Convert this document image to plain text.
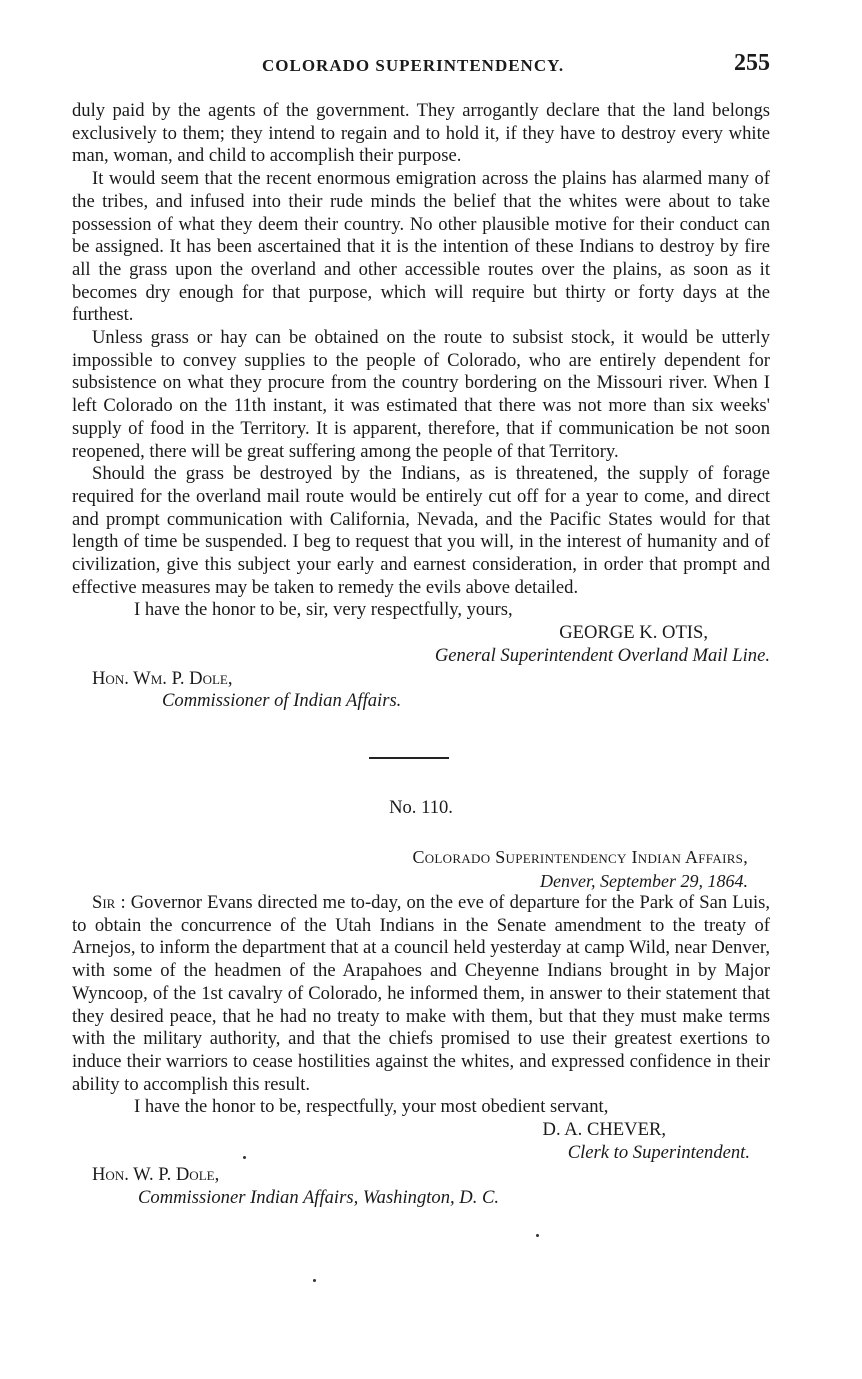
COLORADO SUPERINTENDENCY.	255

duly paid by the agents of the government. They arrogantly declare that the land belongs exclusively to them; they intend to regain and to hold it, if they have to destroy every white man, woman, and child to accomplish their purpose.

It would seem that the recent enormous emigration across the plains has alarmed many of the tribes, and infused into their rude minds the belief that the whites were about to take possession of what they deem their country. No other plausible motive for their conduct can be assigned. It has been ascertained that it is the intention of these Indians to destroy by fire all the grass upon the overland and other accessible routes over the plains, as soon as it becomes dry enough for that purpose, which will require but thirty or forty days at the furthest.

Unless grass or hay can be obtained on the route to subsist stock, it would be utterly impossible to convey supplies to the people of Colorado, who are entirely dependent for subsistence on what they procure from the country bordering on the Missouri river. When I left Colorado on the 11th instant, it was estimated that there was not more than six weeks' supply of food in the Territory. It is apparent, therefore, that if communication be not soon reopened, there will be great suffering among the people of that Territory.

Should the grass be destroyed by the Indians, as is threatened, the supply of forage required for the overland mail route would be entirely cut off for a year to come, and direct and prompt communication with California, Nevada, and the Pacific States would for that length of time be suspended. I beg to request that you will, in the interest of humanity and of civilization, give this subject your early and earnest consideration, in order that prompt and effective measures may be taken to remedy the evils above detailed.

I have the honor to be, sir, very respectfully, yours,

GEORGE K. OTIS,

General Superintendent Overland Mail Line.

Hon. Wm. P. Dole,

Commissioner of Indian Affairs.

No. 110.
Colorado Superintendency Indian Affairs,
Denver, September 29, 1864.

Sir : Governor Evans directed me to-day, on the eve of departure for the Park of San Luis, to obtain the concurrence of the Utah Indians in the Senate amendment to the treaty of Arnejos, to inform the department that at a council held yesterday at camp Wild, near Denver, with some of the headmen of the Arapahoes and Cheyenne Indians brought in by Major Wyncoop, of the 1st cavalry of Colorado, he informed them, in answer to their statement that they desired peace, that he had no treaty to make with them, but that they must make terms with the military authority, and that the chiefs promised to use their greatest exertions to induce their warriors to cease hostilities against the whites, and expressed confidence in their ability to accomplish this result.

I have the honor to be, respectfully, your most obedient servant,

D. A. CHEVER,

Clerk to Superintendent.

Hon. W. P. Dole,

Commissioner Indian Affairs, Washington, D. C.
